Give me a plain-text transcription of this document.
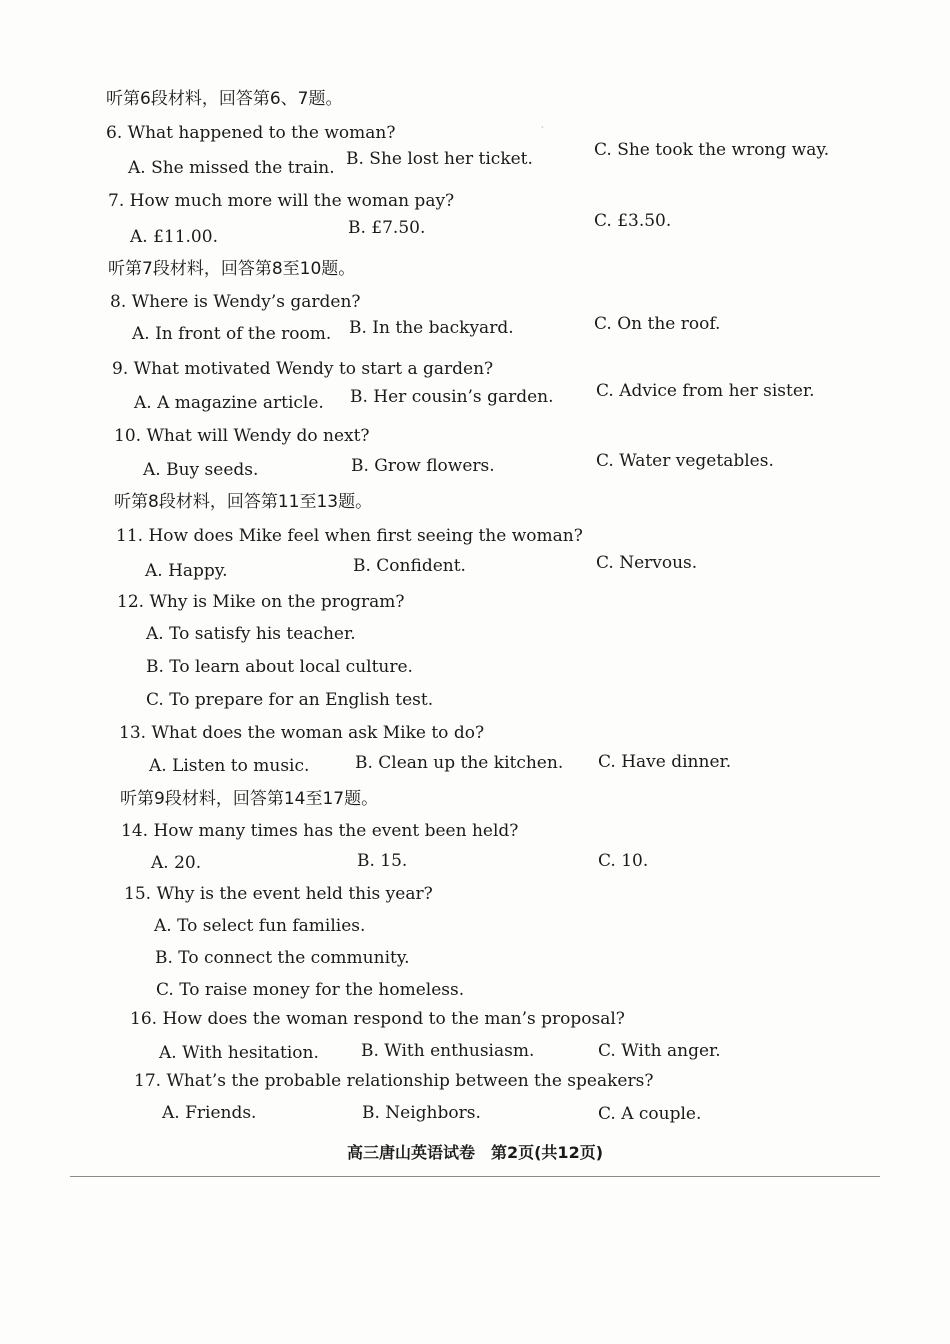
·
听第6段材料，回答第6、7题。
6. What happened to the woman?
A. She missed the train. B. She lost her ticket.	C. She took the wrong way.
7. How much more will the woman pay?
A. £11.00.	B. £7.50.	C. £3.50.
听第7段材料，回答第8至10题。
8. Where is Wendy’s garden?
A. In front of the room. B. In the backyard.	C. On the roof.
9. What motivated Wendy to start a garden?
A. A magazine article. B. Her cousin’s garden. C. Advice from her sister.
10. What will Wendy do next?
A. Buy seeds.	B. Grow flowers.	C. Water vegetables.
听第8段材料，回答第11至13题。
11. How does Mike feel when first seeing the woman?
A. Happy.	B. Confident.	C. Nervous.
12. Why is Mike on the program?
A. To satisfy his teacher.
B. To learn about local culture.
C. To prepare for an English test.
13. What does the woman ask Mike to do?
A. Listen to music.	B. Clean up the kitchen. C. Have dinner.
听第9段材料，回答第14至17题。
14. How many times has the event been held?
A. 20.	B. 15.	C. 10.
15. Why is the event held this year?
A. To select fun families.
B. To connect the community.
C. To raise money for the homeless.
16. How does the woman respond to the man’s proposal?
A. With hesitation. B. With enthusiasm.	C. With anger.
17. What’s the probable relationship between the speakers?
A. Friends.	B. Neighbors.	C. A couple.
高三唐山英语试卷　第2页(共12页)
